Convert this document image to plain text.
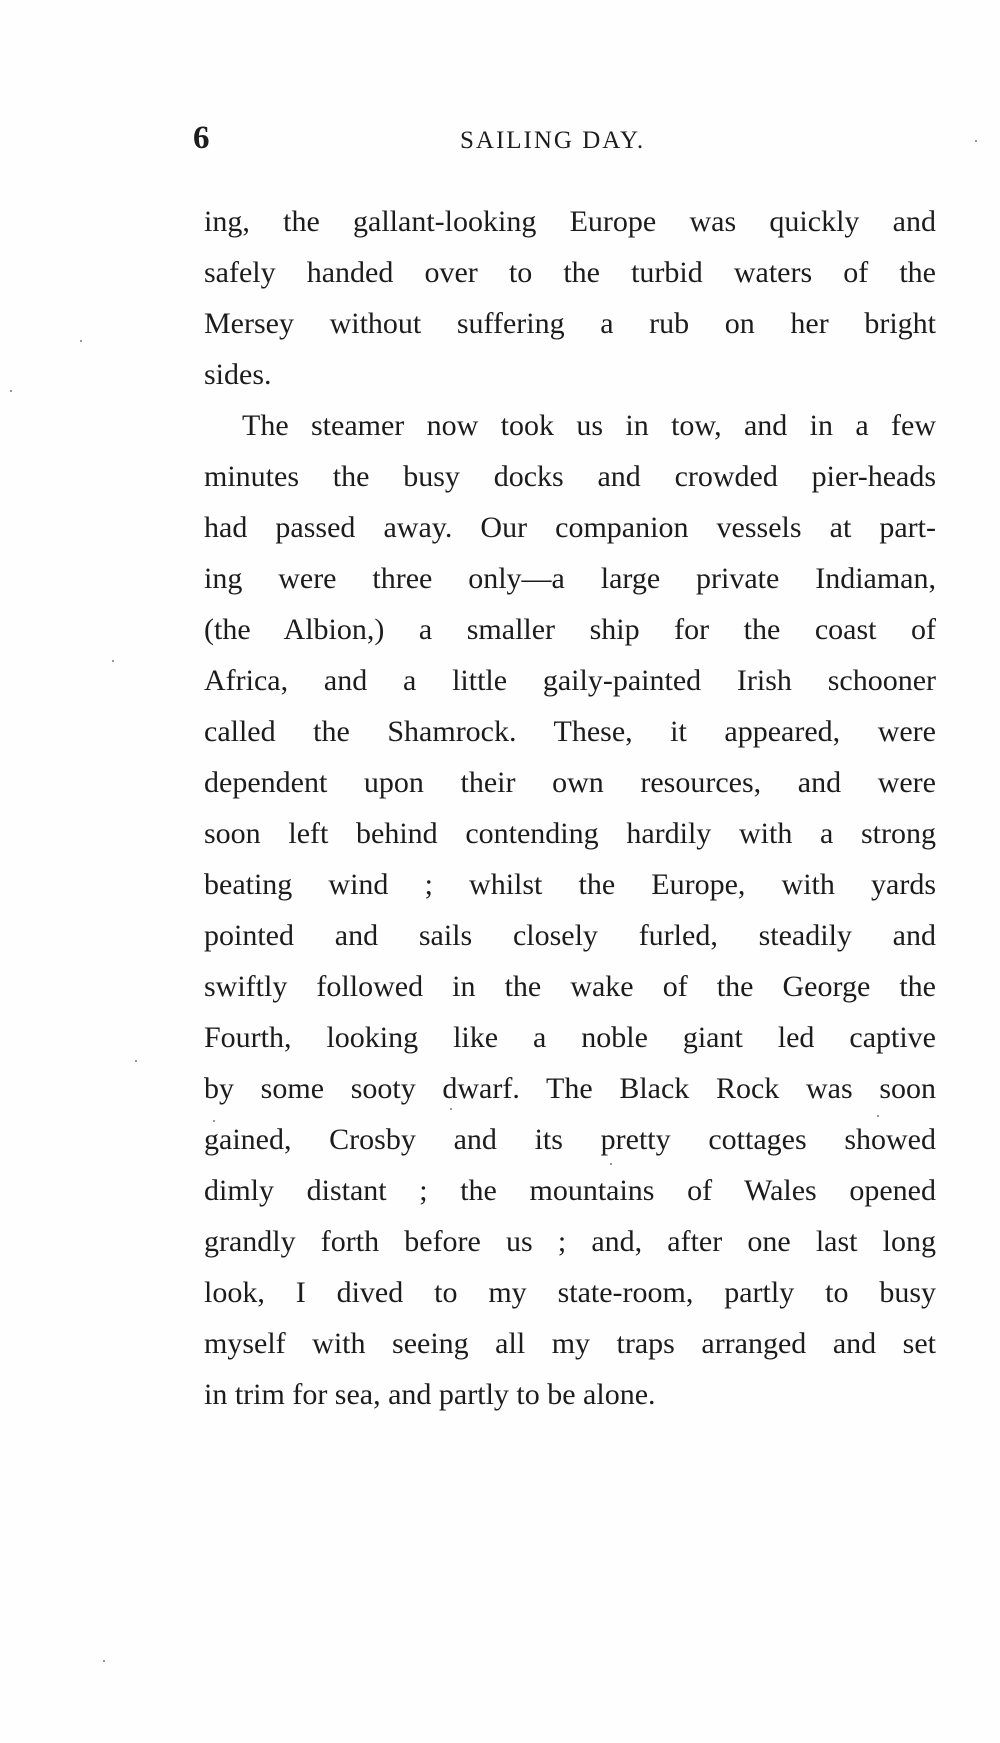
6	SAILING DAY.
ing, the gallant-looking Europe was quickly and
safely handed over to the turbid waters of the
Mersey without suffering a rub on her bright
sides.
The steamer now took us in tow, and in a few
minutes the busy docks and crowded pier-heads
had passed away. Our companion vessels at part-
ing were three only—a large private Indiaman,
(the Albion,) a smaller ship for the coast of
Africa, and a little gaily-painted Irish schooner
called the Shamrock. These, it appeared, were
dependent upon their own resources, and were
soon left behind contending hardily with a strong
beating wind ; whilst the Europe, with yards
pointed and sails closely furled, steadily and
swiftly followed in the wake of the George the
Fourth, looking like a noble giant led captive
by some sooty dwarf. The Black Rock was soon
gained, Crosby and its pretty cottages showed
dimly distant ; the mountains of Wales opened
grandly forth before us ; and, after one last long
look, I dived to my state-room, partly to busy
myself with seeing all my traps arranged and set
in trim for sea, and partly to be alone.
